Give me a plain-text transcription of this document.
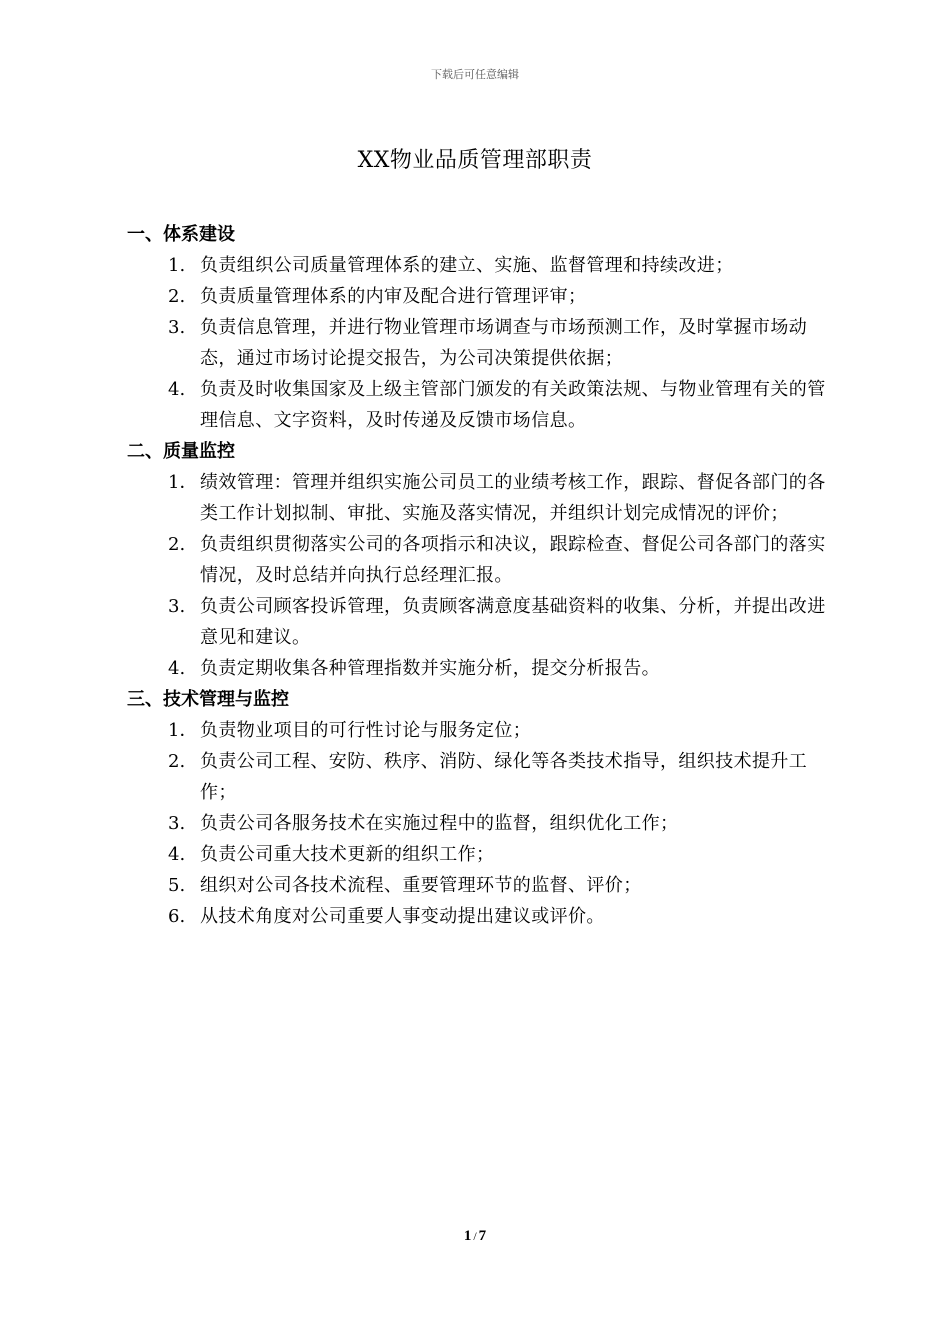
下载后可任意编辑
XX物业品质管理部职责
一、体系建设
1. 负责组织公司质量管理体系的建立、实施、监督管理和持续改进；
2. 负责质量管理体系的内审及配合进行管理评审；
3. 负责信息管理，并进行物业管理市场调查与市场预测工作，及时掌握市场动态，通过市场讨论提交报告，为公司决策提供依据；
4. 负责及时收集国家及上级主管部门颁发的有关政策法规、与物业管理有关的管理信息、文字资料，及时传递及反馈市场信息。
二、质量监控
1． 绩效管理：管理并组织实施公司员工的业绩考核工作，跟踪、督促各部门的各类工作计划拟制、审批、实施及落实情况，并组织计划完成情况的评价；
2. 负责组织贯彻落实公司的各项指示和决议，跟踪检查、督促公司各部门的落实情况，及时总结并向执行总经理汇报。
3. 负责公司顾客投诉管理，负责顾客满意度基础资料的收集、分析，并提出改进意见和建议。
4. 负责定期收集各种管理指数并实施分析，提交分析报告。
三、技术管理与监控
1． 负责物业项目的可行性讨论与服务定位；
2. 负责公司工程、安防、秩序、消防、绿化等各类技术指导，组织技术提升工作；
3. 负责公司各服务技术在实施过程中的监督，组织优化工作；
4. 负责公司重大技术更新的组织工作；
5. 组织对公司各技术流程、重要管理环节的监督、评价；
6. 从技术角度对公司重要人事变动提出建议或评价。
1 / 7
